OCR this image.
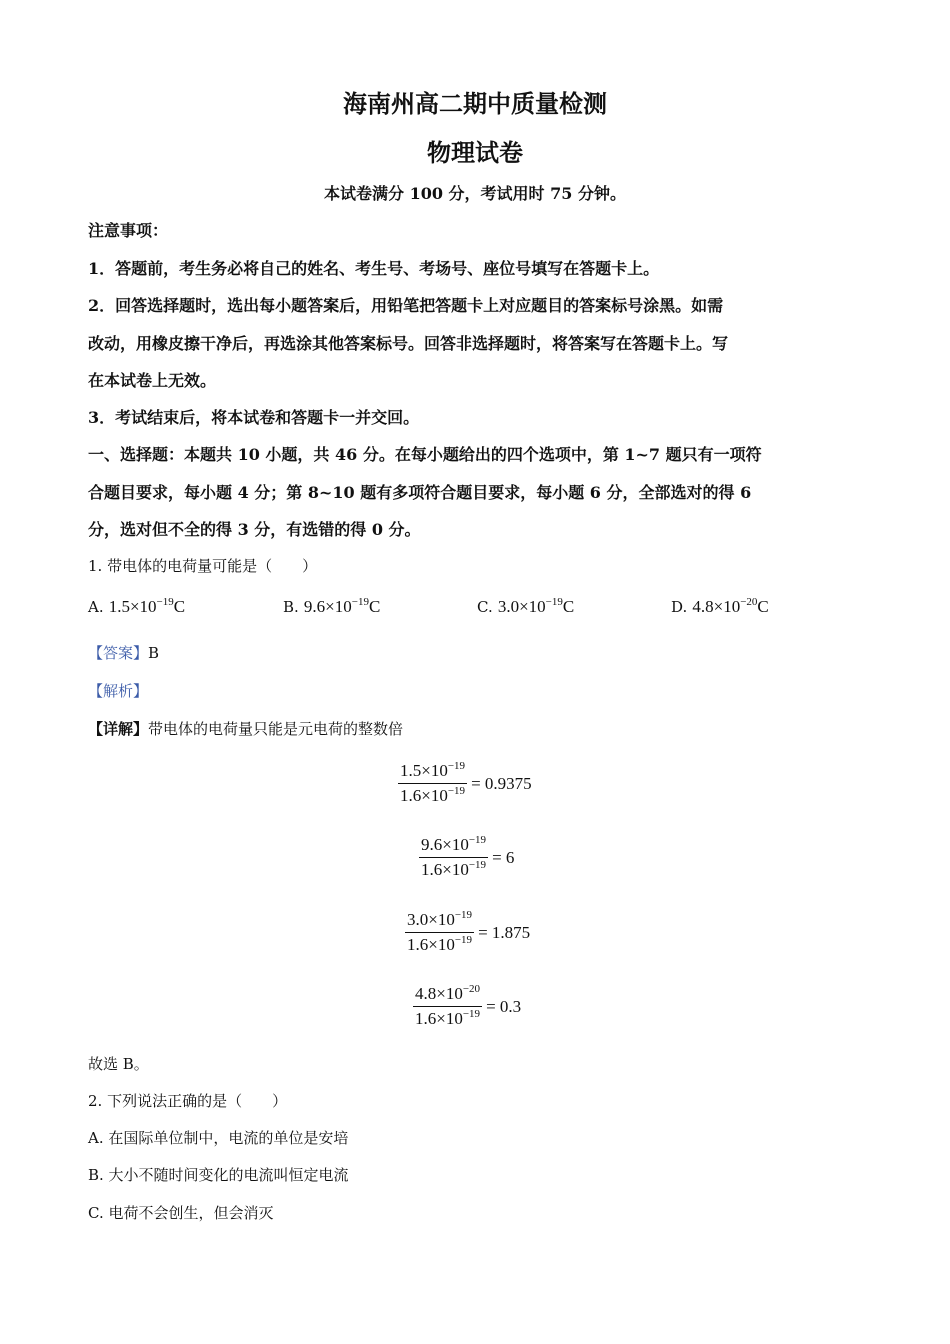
海南州高二期中质量检测
物理试卷
本试卷满分 100 分，考试用时 75 分钟。
注意事项：
1．答题前，考生务必将自己的姓名、考生号、考场号、座位号填写在答题卡上。
2．回答选择题时，选出每小题答案后，用铅笔把答题卡上对应题目的答案标号涂黑。如需
改动，用橡皮擦干净后，再选涂其他答案标号。回答非选择题时，将答案写在答题卡上。写
在本试卷上无效。
3．考试结束后，将本试卷和答题卡一并交回。
一、选择题：本题共 10 小题，共 46 分。在每小题给出的四个选项中，第 1~7 题只有一项符
合题目要求，每小题 4 分；第 8~10 题有多项符合题目要求，每小题 6 分，全部选对的得 6
分，选对但不全的得 3 分，有选错的得 0 分。
1. 带电体的电荷量可能是（　　）
A. $1.5\times 10^{-19}C$	B. $9.6\times 10^{-19}C$	C. $3.0\times 10^{-19}C$	D. $4.8\times 10^{-20}C$
【答案】B
【解析】
【详解】带电体的电荷量只能是元电荷的整数倍
$\frac{1.5\times 10^{-19}}{1.6\times 10^{-19}} = 0.9375$
$\frac{9.6\times 10^{-19}}{1.6\times 10^{-19}} = 6$
$\frac{3.0\times 10^{-19}}{1.6\times 10^{-19}} = 1.875$
$\frac{4.8\times 10^{-20}}{1.6\times 10^{-19}} = 0.3$
故选 B。
2. 下列说法正确的是（　　）
A. 在国际单位制中，电流的单位是安培
B. 大小不随时间变化的电流叫恒定电流
C. 电荷不会创生，但会消灭
